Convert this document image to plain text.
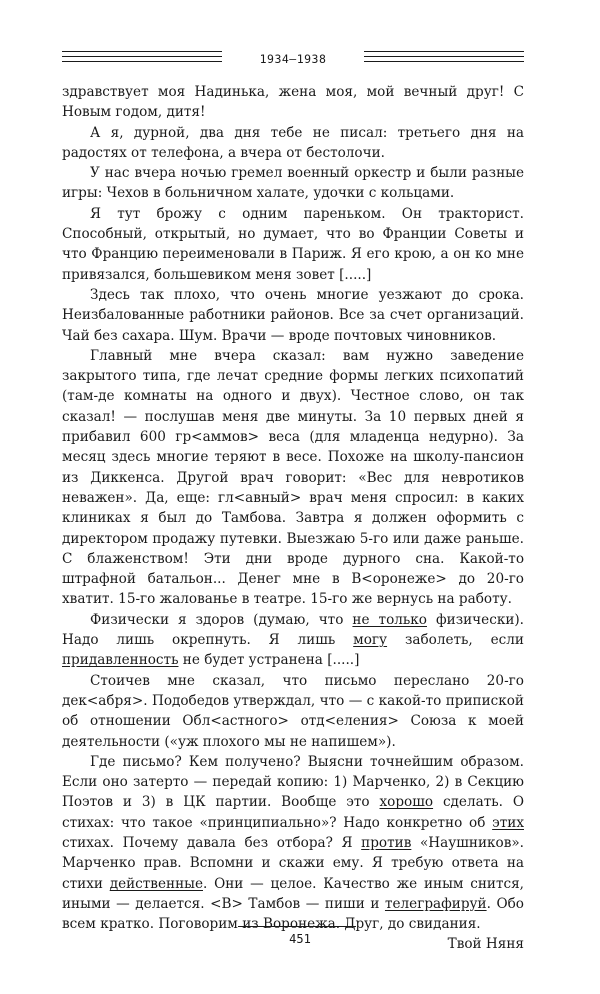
1934–1938

здравствует моя Надинька, жена моя, мой вечный друг! С Новым годом, дитя!

А я, дурной, два дня тебе не писал: третьего дня на радостях от телефона, а вчера от бестолочи.

У нас вчера ночью гремел военный оркестр и были разные игры: Чехов в больничном халате, удочки с кольцами.

Я тут брожу с одним пареньком. Он тракторист. Способный, открытый, но думает, что во Франции Советы и что Францию переименовали в Париж. Я его крою, а он ко мне привязался, большевиком меня зовет [.....]

Здесь так плохо, что очень многие уезжают до срока. Неизбалованные работники районов. Все за счет организаций. Чай без сахара. Шум. Врачи — вроде почтовых чиновников.

Главный мне вчера сказал: вам нужно заведение закрытого типа, где лечат средние формы легких психопатий (там-де комнаты на одного и двух). Честное слово, он так сказал! — послушав меня две минуты. За 10 первых дней я прибавил 600 гр<аммов> веса (для младенца недурно). За месяц здесь многие теряют в весе. Похоже на школу-пансион из Диккенса. Другой врач говорит: «Вес для невротиков неважен». Да, еще: гл<авный> врач меня спросил: в каких клиниках я был до Тамбова. Завтра я должен оформить с директором продажу путевки. Выезжаю 5-го или даже раньше. С блаженством! Эти дни вроде дурного сна. Какой-то штрафной батальон... Денег мне в В<оронеже> до 20-го хватит. 15-го жалованье в театре. 15-го же вернусь на работу.

Физически я здоров (думаю, что не только физически). Надо лишь окрепнуть. Я лишь могу заболеть, если придавленность не будет устранена [.....]

Стоичев мне сказал, что письмо переслано 20-го дек<абря>. Подобедов утверждал, что — с какой-то припиской об отношении Обл<астного> отд<еления> Союза к моей деятельности («уж плохого мы не напишем»).

Где письмо? Кем получено? Выясни точнейшим образом. Если оно затерто — передай копию: 1) Марченко, 2) в Секцию Поэтов и 3) в ЦК партии. Вообще это хорошо сделать. О стихах: что такое «принципиально»? Надо конкретно об этих стихах. Почему давала без отбора? Я против «Наушников». Марченко прав. Вспомни и скажи ему. Я требую ответа на стихи действенные. Они — целое. Качество же иным снится, иными — делается. <В> Тамбов — пиши и телеграфируй. Обо всем кратко. Поговорим из Воронежа. Друг, до свидания.

Твой Няня

451
